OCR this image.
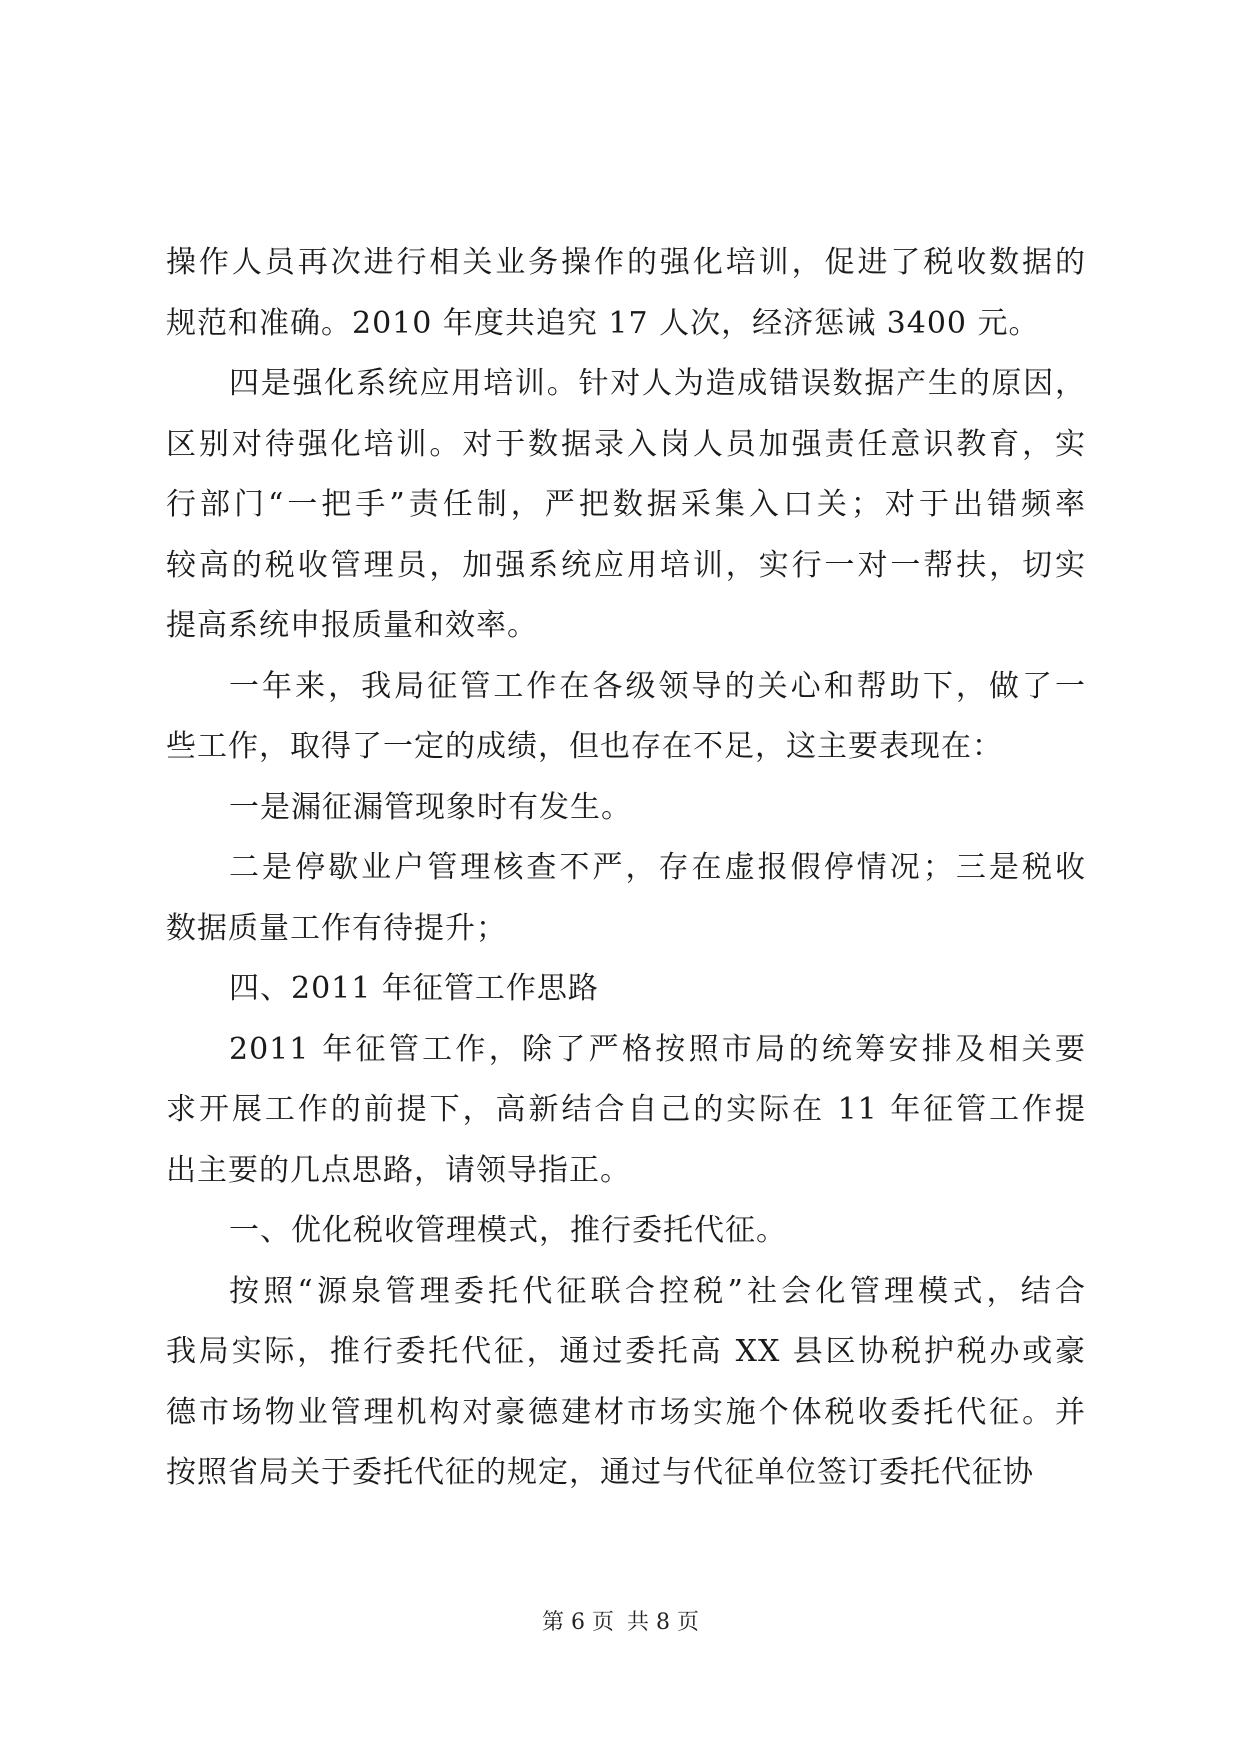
操作人员再次进行相关业务操作的强化培训，促进了税收数据的
规范和准确。2010 年度共追究 17 人次，经济惩诫 3400 元。
四是强化系统应用培训。针对人为造成错误数据产生的原因，
区别对待强化培训。对于数据录入岗人员加强责任意识教育，实
行部门“一把手”责任制，严把数据采集入口关；对于出错频率
较高的税收管理员，加强系统应用培训，实行一对一帮扶，切实
提高系统申报质量和效率。
一年来，我局征管工作在各级领导的关心和帮助下，做了一
些工作，取得了一定的成绩，但也存在不足，这主要表现在：
一是漏征漏管现象时有发生。
二是停歇业户管理核查不严，存在虚报假停情况；三是税收
数据质量工作有待提升；
四、2011 年征管工作思路
2011 年征管工作，除了严格按照市局的统筹安排及相关要
求开展工作的前提下，高新结合自己的实际在 11 年征管工作提
出主要的几点思路，请领导指正。
一、优化税收管理模式，推行委托代征。
按照“源泉管理委托代征联合控税”社会化管理模式，结合
我局实际，推行委托代征，通过委托高 XX 县区协税护税办或豪
德市场物业管理机构对豪德建材市场实施个体税收委托代征。并
按照省局关于委托代征的规定，通过与代征单位签订委托代征协
第 6 页 共 8 页
